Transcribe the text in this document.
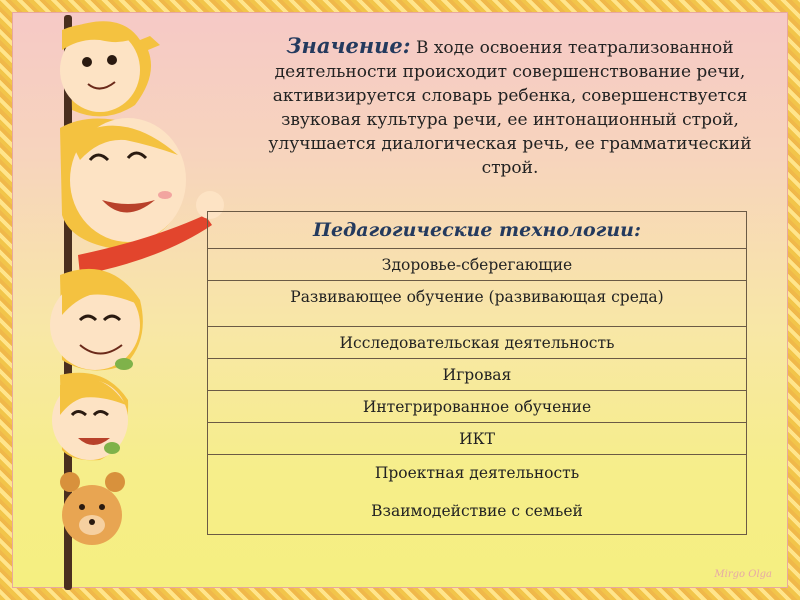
Значение: В ходе освоения театрализованной деятельности происходит совершенствование речи, активизируется словарь ребенка, совершенствуется звуковая культура речи, ее интонационный строй, улучшается диалогическая речь, ее грамматический строй.
Педагогические технологии:
Здоровье-сберегающие
Развивающее обучение (развивающая среда)
Исследовательская деятельность
Игровая
Интегрированное обучение
ИКТ

Проектная деятельность
Взаимодействие с семьей
Mirgo Olga
